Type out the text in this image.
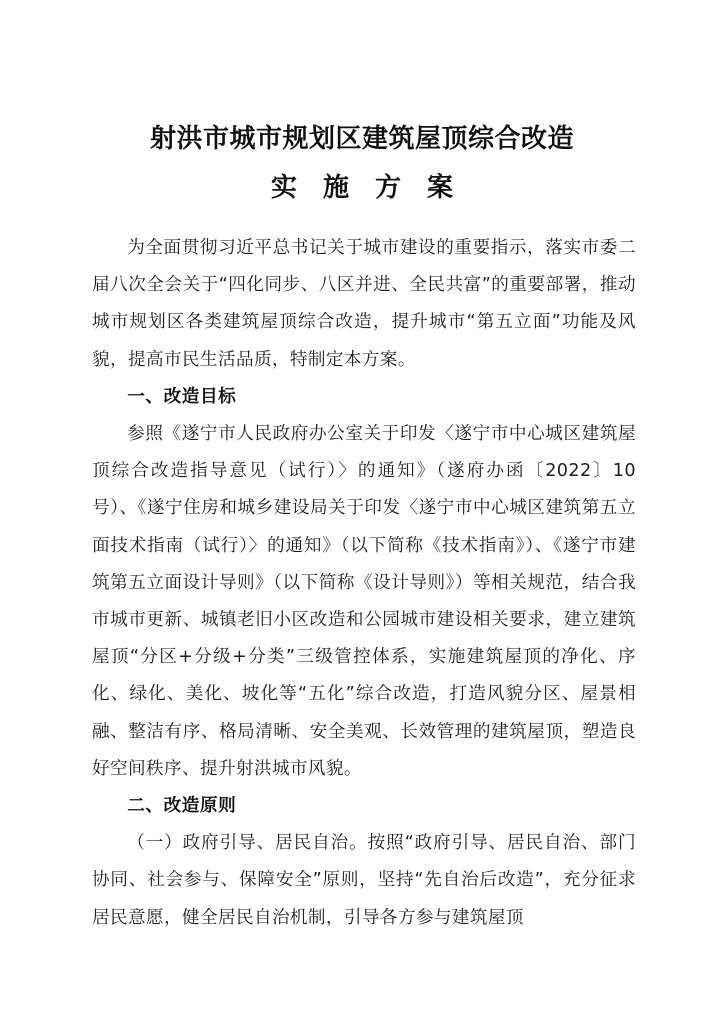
射洪市城市规划区建筑屋顶综合改造
实施方案

为全面贯彻习近平总书记关于城市建设的重要指示，落实市委二届八次全会关于“四化同步、八区并进、全民共富”的重要部署，推动城市规划区各类建筑屋顶综合改造，提升城市“第五立面”功能及风貌，提高市民生活品质，特制定本方案。

一、改造目标

参照《遂宁市人民政府办公室关于印发〈遂宁市中心城区建筑屋顶综合改造指导意见（试行）〉的通知》（遂府办函〔2022〕10号）、《遂宁住房和城乡建设局关于印发〈遂宁市中心城区建筑第五立面技术指南（试行）〉的通知》（以下简称《技术指南》）、《遂宁市建筑第五立面设计导则》（以下简称《设计导则》）等相关规范，结合我市城市更新、城镇老旧小区改造和公园城市建设相关要求，建立建筑屋顶“分区+分级+分类”三级管控体系，实施建筑屋顶的净化、序化、绿化、美化、坡化等“五化”综合改造，打造风貌分区、屋景相融、整洁有序、格局清晰、安全美观、长效管理的建筑屋顶，塑造良好空间秩序、提升射洪城市风貌。

二、改造原则

（一）政府引导、居民自治。按照“政府引导、居民自治、部门协同、社会参与、保障安全”原则，坚持“先自治后改造”，充分征求居民意愿，健全居民自治机制，引导各方参与建筑屋顶
